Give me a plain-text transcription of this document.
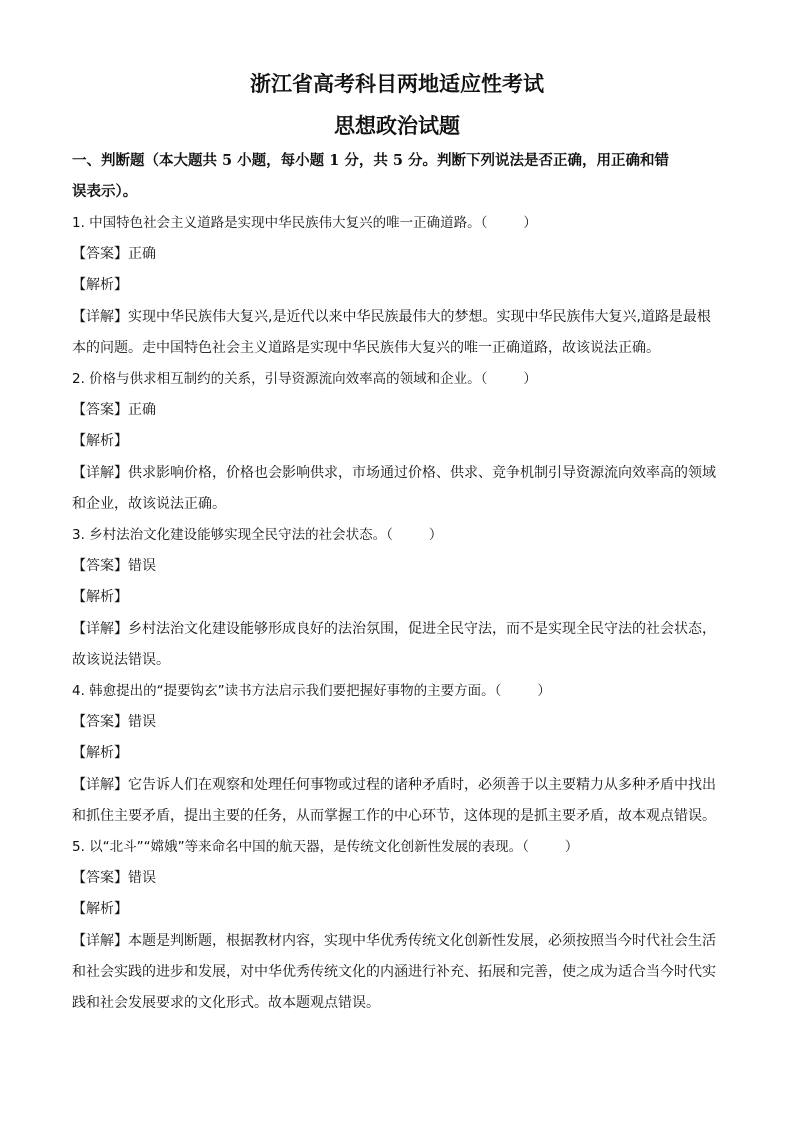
浙江省高考科目两地适应性考试
思想政治试题
一、判断题（本大题共 5 小题，每小题 1 分，共 5 分。判断下列说法是否正确，用正确和错
误表示）。
1. 中国特色社会主义道路是实现中华民族伟大复兴的唯一正确道路。（	）
【答案】正确
【解析】
【详解】实现中华民族伟大复兴,是近代以来中华民族最伟大的梦想。实现中华民族伟大复兴,道路是最根
本的问题。走中国特色社会主义道路是实现中华民族伟大复兴的唯一正确道路，故该说法正确。
2. 价格与供求相互制约的关系，引导资源流向效率高的领域和企业。（	）
【答案】正确
【解析】
【详解】供求影响价格，价格也会影响供求，市场通过价格、供求、竞争机制引导资源流向效率高的领域
和企业，故该说法正确。
3. 乡村法治文化建设能够实现全民守法的社会状态。（	）
【答案】错误
【解析】
【详解】乡村法治文化建设能够形成良好的法治氛围，促进全民守法，而不是实现全民守法的社会状态，
故该说法错误。
4. 韩愈提出的“提要钩玄”读书方法启示我们要把握好事物的主要方面。（	）
【答案】错误
【解析】
【详解】它告诉人们在观察和处理任何事物或过程的诸种矛盾时，必须善于以主要精力从多种矛盾中找出
和抓住主要矛盾，提出主要的任务，从而掌握工作的中心环节，这体现的是抓主要矛盾，故本观点错误。
5. 以“北斗”“嫦娥”等来命名中国的航天器，是传统文化创新性发展的表现。（	）
【答案】错误
【解析】
【详解】本题是判断题，根据教材内容，实现中华优秀传统文化创新性发展，必须按照当今时代社会生活
和社会实践的进步和发展，对中华优秀传统文化的内涵进行补充、拓展和完善，使之成为适合当今时代实
践和社会发展要求的文化形式。故本题观点错误。
